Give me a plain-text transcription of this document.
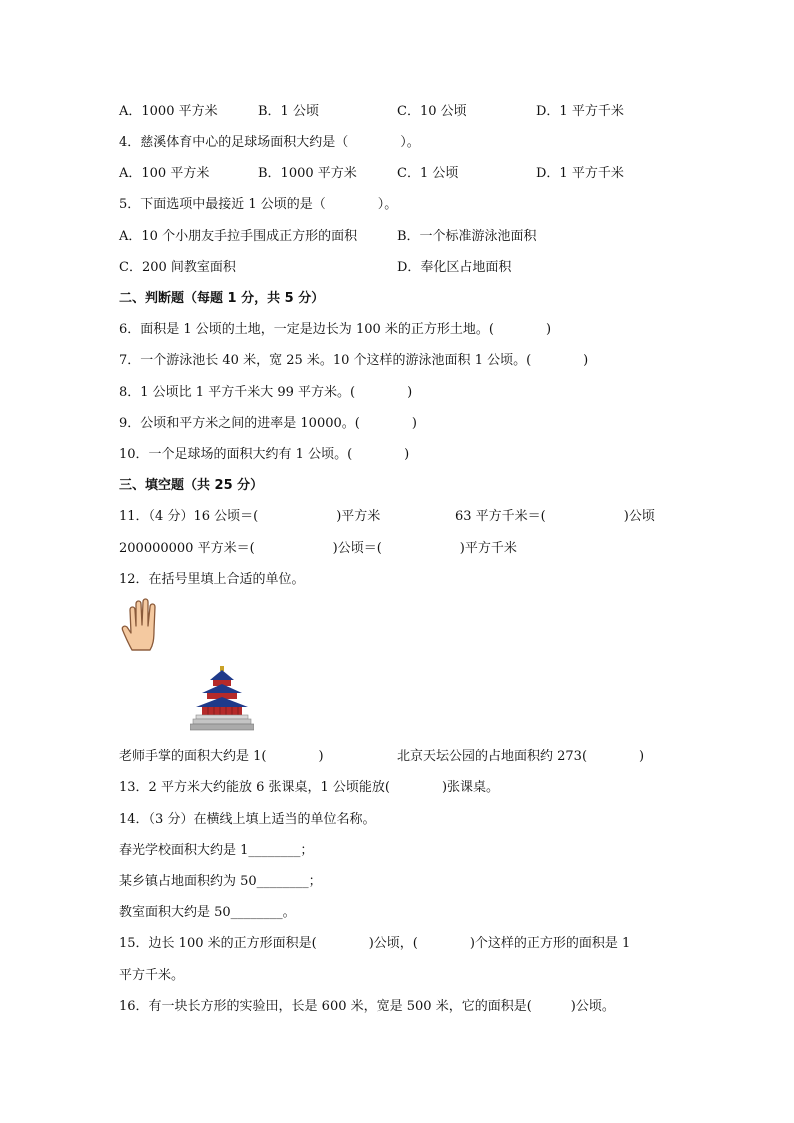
A．1000 平方米	B．1 公顷	C．10 公顷	D．1 平方千米
4．慈溪体育中心的足球场面积大约是（　　　　）。
A．100 平方米	B．1000 平方米	C．1 公顷	D．1 平方千米
5．下面选项中最接近 1 公顷的是（　　　　）。
A．10 个小朋友手拉手围成正方形的面积	B．一个标准游泳池面积
C．200 间教室面积	D．奉化区占地面积
二、判断题（每题 1 分，共 5 分）
6．面积是 1 公顷的土地，一定是边长为 100 米的正方形土地。(　　　　)
7．一个游泳池长 40 米，宽 25 米。10 个这样的游泳池面积 1 公顷。(　　　　)
8．1 公顷比 1 平方千米大 99 平方米。(　　　　)
9．公顷和平方米之间的进率是 10000。(　　　　)
10．一个足球场的面积大约有 1 公顷。(　　　　)
三、填空题（共 25 分）
11．（4 分）16 公顷＝(　　　　　　)平方米	63 平方千米＝(　　　　　　)公顷
200000000 平方米＝(　　　　　　)公顷＝(　　　　　　)平方千米
12．在括号里填上合适的单位。
老师手掌的面积大约是 1(　　　　)	北京天坛公园的占地面积约 273(　　　　)
13．2 平方米大约能放 6 张课桌，1 公顷能放(　　　　)张课桌。
14．（3 分）在横线上填上适当的单位名称。
春光学校面积大约是 1________；
某乡镇占地面积约为 50________；
教室面积大约是 50________。
15．边长 100 米的正方形面积是(　　　　)公顷，(　　　　)个这样的正方形的面积是 1
平方千米。
16．有一块长方形的实验田，长是 600 米，宽是 500 米，它的面积是(　　　)公顷。
